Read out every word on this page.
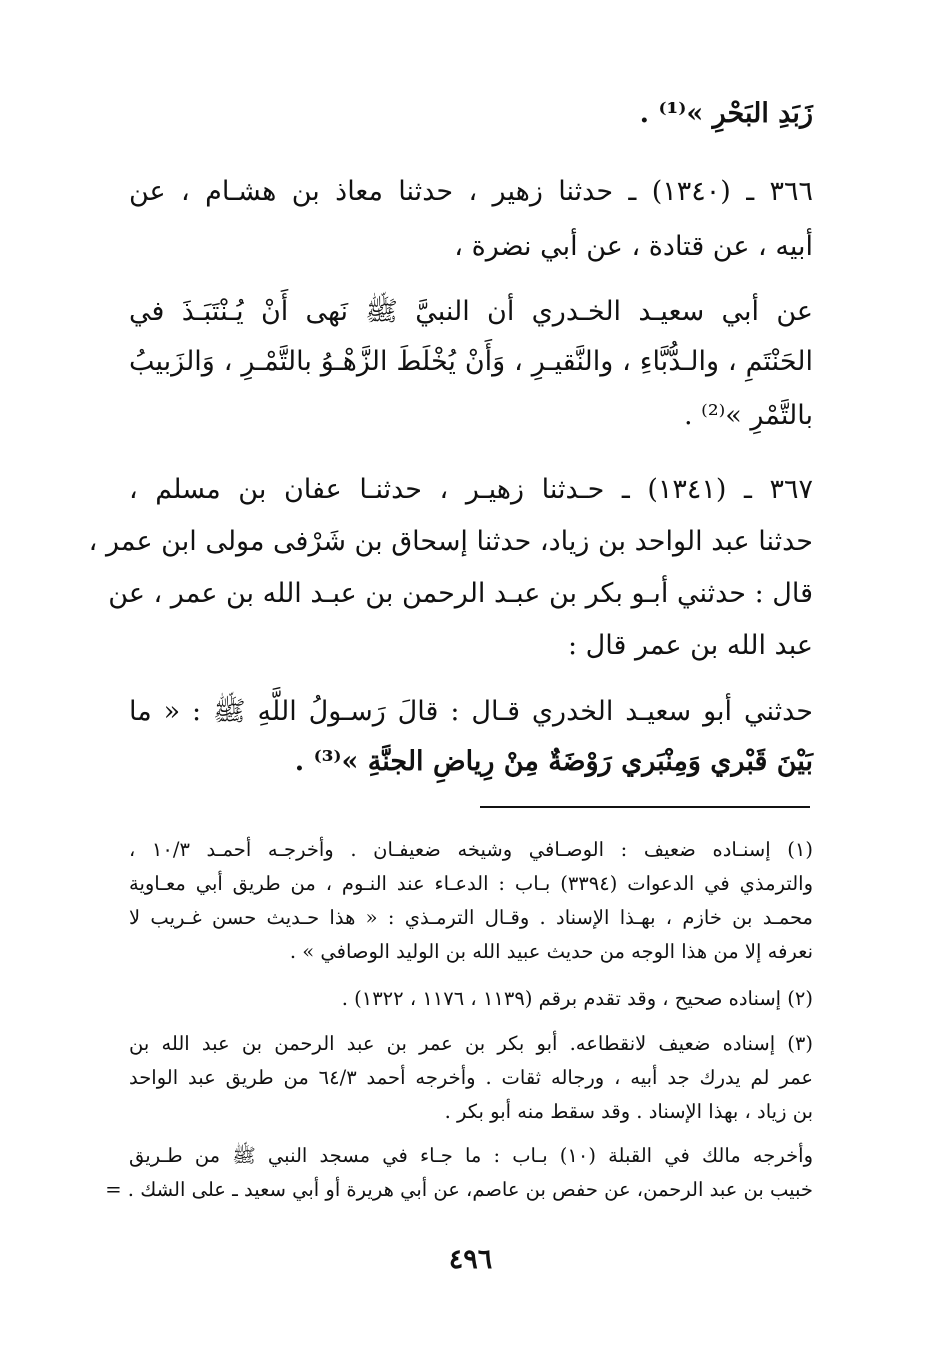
زَبَدِ البَحْرِ »⁽¹⁾ .
٣٦٦ ـ (١٣٤٠) ـ حدثنا زهير ، حدثنا معاذ بن هشـام ، عن
أبيه ، عن قتادة ، عن أبي نضرة ،
عن أبي سعيـد الخـدري أن النبيَّ ﷺ نَهى أَنْ يُـنْتَبَـذَ في
الحَنْتَمِ ، والـدُّبَّاءِ ، والنَّقيـرِ ، وَأَنْ يُخْلَطَ الزَّهْـوُ بالتَّمْـرِ ، وَالزَبيبُ
بالتَّمْرِ »⁽²⁾ .
٣٦٧ ـ (١٣٤١) ـ حـدثنا زهيـر ، حدثنـا عفان بن مسلم ،
حدثنا عبد الواحد بن زياد، حدثنا إسحاق بن شَرْفى مولى ابن عمر ،
قال : حدثني أبـو بكر بن عبـد الرحمن بن عبـد الله بن عمر ، عن
عبد الله بن عمر قال :
حدثني أبو سعيـد الخدري قـال : قالَ رَسـولُ اللَّهِ ﷺ : « ما
بَيْنَ قَبْري وَمِنْبَري رَوْضَةٌ مِنْ رِياضِ الجنَّةِ »⁽³⁾ .
(١) إسنـاده ضعيف : الوصـافي وشيخه ضعيفـان . وأخرجـه أحمـد ١٠/٣ ،
والترمذي في الدعوات (٣٣٩٤) بـاب : الدعـاء عند النـوم ، من طريق أبي معـاوية
محمـد بن خازم ، بهـذا الإسناد . وقـال الترمـذي : « هذا حـديث حسن غـريب لا
نعرفه إلا من هذا الوجه من حديث عبيد الله بن الوليد الوصافي » .
(٢) إسناده صحيح ، وقد تقدم برقم (١١٣٩ ، ١١٧٦ ، ١٣٢٢) .
(٣) إسناده ضعيف لانقطاعه. أبو بكر بن عمر بن عبد الرحمن بن عبد الله بن
عمر لم يدرك جد أبيه ، ورجاله ثقات . وأخرجه أحمد ٦٤/٣ من طريق عبد الواحد
بن زياد ، بهذا الإسناد . وقد سقط منه أبو بكر .
وأخرجه مالك في القبلة (١٠) بـاب : ما جـاء في مسجد النبي ﷺ من طـريق
خبيب بن عبد الرحمن، عن حفص بن عاصم، عن أبي هريرة أو أبي سعيد ـ على الشك . =
٤٩٦
